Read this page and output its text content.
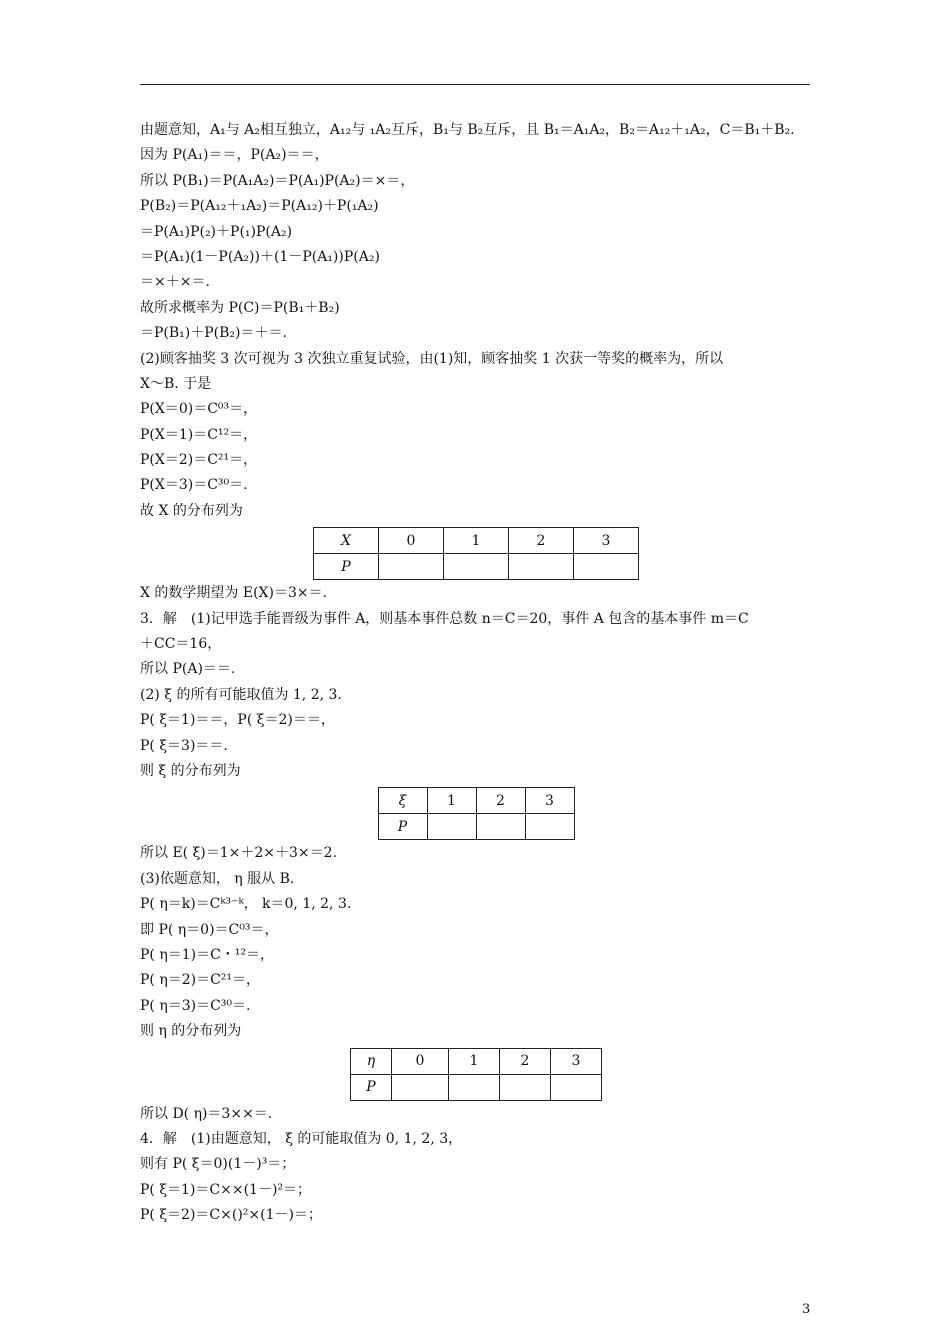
由题意知，A₁与 A₂相互独立，A₁₂与 ₁A₂互斥，B₁与 B₂互斥，且 B₁＝A₁A₂，B₂＝A₁₂＋₁A₂，C＝B₁＋B₂.
因为 P(A₁)＝＝，P(A₂)＝＝，
所以 P(B₁)＝P(A₁A₂)＝P(A₁)P(A₂)＝×＝，
P(B₂)＝P(A₁₂＋₁A₂)＝P(A₁₂)＋P(₁A₂)
＝P(A₁)P(₂)＋P(₁)P(A₂)
＝P(A₁)(1－P(A₂))＋(1－P(A₁))P(A₂)
＝×＋×＝.
故所求概率为 P(C)＝P(B₁＋B₂)
＝P(B₁)＋P(B₂)＝＋＝.
(2)顾客抽奖 3 次可视为 3 次独立重复试验，由(1)知，顾客抽奖 1 次获一等奖的概率为，所以
X～B. 于是
P(X＝0)＝C⁰³＝，
P(X＝1)＝C¹²＝，
P(X＝2)＝C²¹＝，
P(X＝3)＝C³⁰＝.
故 X 的分布列为
X	0	1	2	3
P				
X 的数学期望为 E(X)＝3×＝.
3．解　(1)记甲选手能晋级为事件 A，则基本事件总数 n＝C＝20，事件 A 包含的基本事件 m＝C
＋CC＝16，
所以 P(A)＝＝.
(2) ξ 的所有可能取值为 1, 2, 3.
P( ξ＝1)＝＝，P( ξ＝2)＝＝，
P( ξ＝3)＝＝.
则 ξ 的分布列为
ξ	1	2	3
P			
所以 E( ξ)＝1×＋2×＋3×＝2.
(3)依题意知， η 服从 B.
P( η＝k)＝Cᵏ³⁻ᵏ， k＝0, 1, 2, 3.
即 P( η＝0)＝C⁰³＝，
P( η＝1)＝C・¹²＝，
P( η＝2)＝C²¹＝，
P( η＝3)＝C³⁰＝.
则 η 的分布列为
η	0	1	2	3
P				
所以 D( η)＝3××＝.
4．解　(1)由题意知， ξ 的可能取值为 0, 1, 2, 3，
则有 P( ξ＝0)(1－)³＝；
P( ξ＝1)＝C××(1－)²＝；
P( ξ＝2)＝C×()²×(1－)＝；
3
